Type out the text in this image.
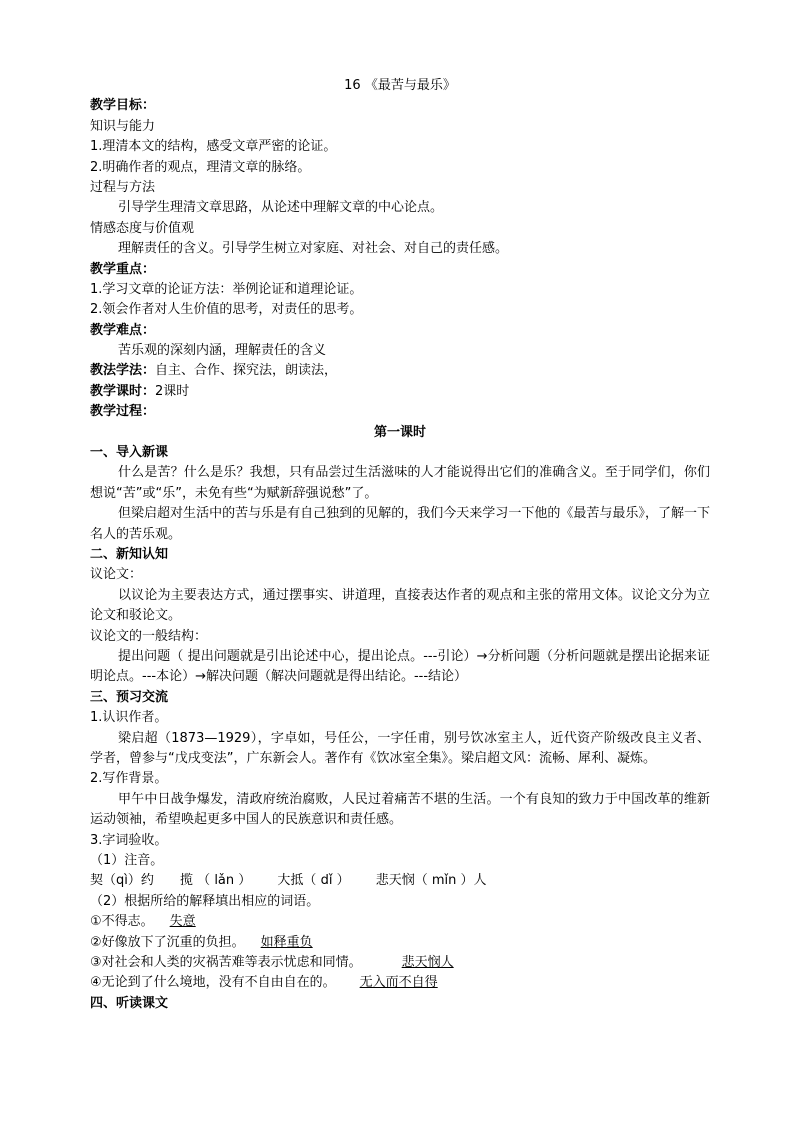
16 《最苦与最乐》
教学目标：
知识与能力
1.理清本文的结构，感受文章严密的论证。
2.明确作者的观点，理清文章的脉络。
过程与方法
引导学生理清文章思路，从论述中理解文章的中心论点。
情感态度与价值观
理解责任的含义。引导学生树立对家庭、对社会、对自己的责任感。
教学重点：
1.学习文章的论证方法：举例论证和道理论证。
2.领会作者对人生价值的思考，对责任的思考。
教学难点：
苦乐观的深刻内涵，理解责任的含义
教法学法：自主、合作、探究法，朗读法，
教学课时：2课时
教学过程：
第一课时
一、导入新课
什么是苦？什么是乐？我想，只有品尝过生活滋味的人才能说得出它们的准确含义。至于同学们，你们想说“苦”或“乐”，未免有些“为赋新辞强说愁”了。
但梁启超对生活中的苦与乐是有自己独到的见解的，我们今天来学习一下他的《最苦与最乐》，了解一下名人的苦乐观。
二、新知认知
议论文：
以议论为主要表达方式，通过摆事实、讲道理，直接表达作者的观点和主张的常用文体。议论文分为立论文和驳论文。
议论文的一般结构：
提出问题（ 提出问题就是引出论述中心，提出论点。---引论）→分析问题（分析问题就是摆出论据来证明论点。---本论）→解决问题（解决问题就是得出结论。---结论）
三、预习交流
1.认识作者。
梁启超（1873—1929），字卓如，号任公，一字任甫，别号饮冰室主人，近代资产阶级改良主义者、学者，曾参与“戊戌变法”，广东新会人。著作有《饮冰室全集》。梁启超文风：流畅、犀利、凝炼。
2.写作背景。
甲午中日战争爆发，清政府统治腐败，人民过着痛苦不堪的生活。一个有良知的致力于中国改革的维新运动领袖，希望唤起更多中国人的民族意识和责任感。
3.字词验收。
（1）注音。
契（qì）约 揽 （ lǎn ） 大抵（ dǐ ） 悲天悯（ mǐn ）人
（2）根据所给的解释填出相应的词语。
①不得志。 失意
②好像放下了沉重的负担。 如释重负
③对社会和人类的灾祸苦难等表示忧虑和同情。	悲天悯人
④无论到了什么境地，没有不自由自在的。 无入而不自得
四、听读课文
